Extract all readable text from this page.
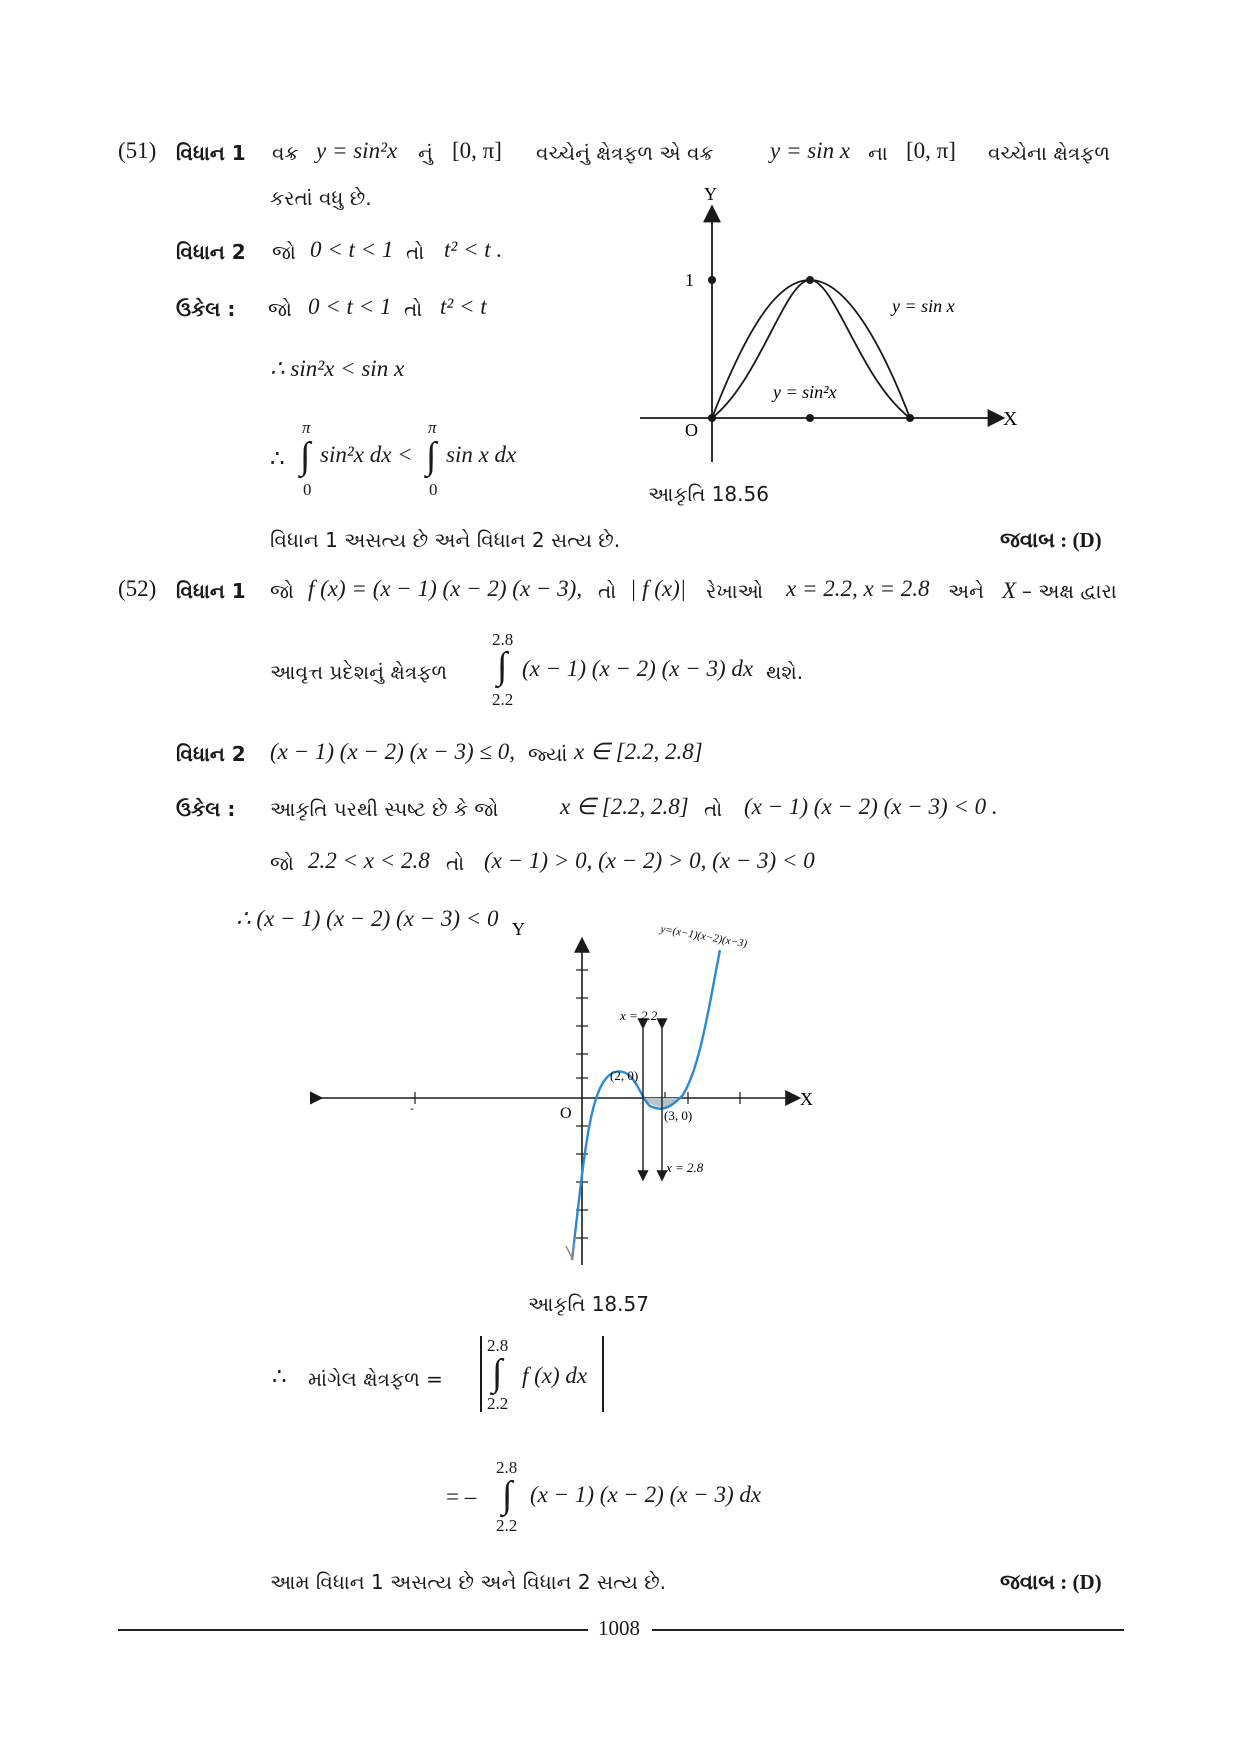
(51) વિધાન 1 વક્ર y = sin²x નું [0, π] વચ્ચેનું ક્ષેત્રફળ એ વક્ર y = sin x ના [0, π] વચ્ચેના ક્ષેત્રફળ
કરતાં વધુ છે.
વિધાન 2 જો 0 < t < 1 તો t² < t .
ઉકેલ : જો 0 < t < 1 તો t² < t
∴ sin²x < sin x
∴
π
∫
0
sin²x dx <
π
∫
0
sin x dx
X
Y
O
1
y = sin x
y = sin²x
આકૃતિ 18.56
વિધાન 1 અસત્ય છે અને વિધાન 2 સત્ય છે.	જવાબ : (D)
(52) વિધાન 1 જો f (x) = (x − 1) (x − 2) (x − 3), તો | f (x)| રેખાઓ x = 2.2, x = 2.8 અને X – અક્ષ દ્વારા
આવૃત્ત પ્રદેશનું ક્ષેત્રફળ
2.8
∫
2.2
(x − 1) (x − 2) (x − 3) dx થશે.
વિધાન 2 (x − 1) (x − 2) (x − 3) ≤ 0, જ્યાં x ∈ [2.2, 2.8]
ઉકેલ : આકૃતિ પરથી સ્પષ્ટ છે કે જો	x ∈ [2.2, 2.8] તો (x − 1) (x − 2) (x − 3) < 0 .
જો 2.2 < x < 2.8 તો (x − 1) > 0, (x − 2) > 0, (x − 3) < 0
∴ (x − 1) (x − 2) (x − 3) < 0
X
Y
O
-
y=(x−1)(x−2)(x−3)
(2, 0)
(3, 0)
x = 2.2
x = 2.8
આકૃતિ 18.57
∴ માંગેલ ક્ષેત્રફળ =
2.8
∫
2.2
f (x) dx
= –
2.8
∫
2.2
(x − 1) (x − 2) (x − 3) dx
આમ વિધાન 1 અસત્ય છે અને વિધાન 2 સત્ય છે.	જવાબ : (D)
1008
